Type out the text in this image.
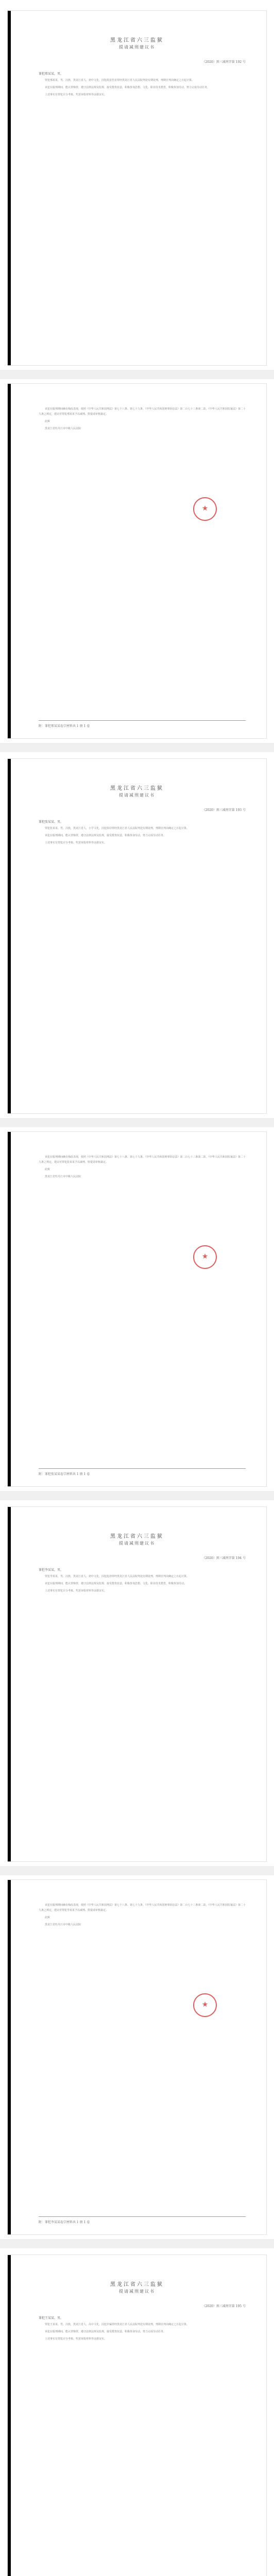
黑龙江省六三监狱
提请减刑建议书
（2020）黑三减刑字第 192 号
罪犯邢某某，男，

罪犯邢某某，男，汉族，黑龙江省人，初中文化，因犯故意伤害罪经黑龙江省人民法院判处有期徒刑，刑期自判决确定之日起计算。

该犯在服刑期间，能认罪悔罪，遵守法律法规及监规，接受教育改造，积极参加思想、文化、职业技术教育，积极参加劳动，努力完成劳动任务。

上述事实有罪犯计分考核、奖惩审批材料等证据证实。

该犯在服刑期间确有悔改表现，依照《中华人民共和国刑法》第七十八条、第七十九条，《中华人民共和国刑事诉讼法》第二百七十三条第二款，《中华人民共和国监狱法》第二十九条之规定，建议对罪犯邢某某予以减刑。特提请审核裁定。

此致

黑龙江省牡丹江市中级人民法院

★
附：罪犯邢某某卷宗材料共 1 册 1 卷
黑龙江省六三监狱
提请减刑建议书
（2020）黑三减刑字第 193 号
罪犯张某某，男，

罪犯张某某，男，汉族，黑龙江省人，小学文化，因犯盗窃罪经黑龙江省人民法院判处有期徒刑，刑期自判决确定之日起计算。

该犯在服刑期间，能认罪悔罪，遵守法律法规及监规，接受教育改造，积极参加劳动，努力完成劳动任务。

上述事实有罪犯计分考核、奖惩审批材料等证据证实。

该犯在服刑期间确有悔改表现，依照《中华人民共和国刑法》第七十八条、第七十九条，《中华人民共和国刑事诉讼法》第二百七十三条第二款，《中华人民共和国监狱法》第二十九条之规定，建议对罪犯张某某予以减刑。特提请审核裁定。

此致

黑龙江省牡丹江市中级人民法院

★
附：罪犯张某某卷宗材料共 1 册 1 卷
黑龙江省六三监狱
提请减刑建议书
（2020）黑三减刑字第 194 号
罪犯李某某，男，

罪犯李某某，男，汉族，黑龙江省人，初中文化，因犯抢劫罪经黑龙江省人民法院判处有期徒刑，刑期自判决确定之日起计算。

该犯在服刑期间，能认罪悔罪，遵守法律法规及监规，接受教育改造，积极参加思想、文化、职业技术教育，积极参加劳动。

上述事实有罪犯计分考核、奖惩审批材料等证据证实。

该犯在服刑期间确有悔改表现，依照《中华人民共和国刑法》第七十八条、第七十九条，《中华人民共和国刑事诉讼法》第二百七十三条第二款，《中华人民共和国监狱法》第二十九条之规定，建议对罪犯李某某予以减刑。特提请审核裁定。

此致

黑龙江省牡丹江市中级人民法院

★
附：罪犯李某某卷宗材料共 1 册 1 卷
黑龙江省六三监狱
提请减刑建议书
（2020）黑三减刑字第 195 号
罪犯王某某，男，

罪犯王某某，男，汉族，黑龙江省人，高中文化，因犯诈骗罪经黑龙江省人民法院判处有期徒刑，刑期自判决确定之日起计算。

该犯在服刑期间，能认罪悔罪，遵守法律法规及监规，接受教育改造，积极参加劳动，努力完成劳动任务。

上述事实有罪犯计分考核、奖惩审批材料等证据证实。
